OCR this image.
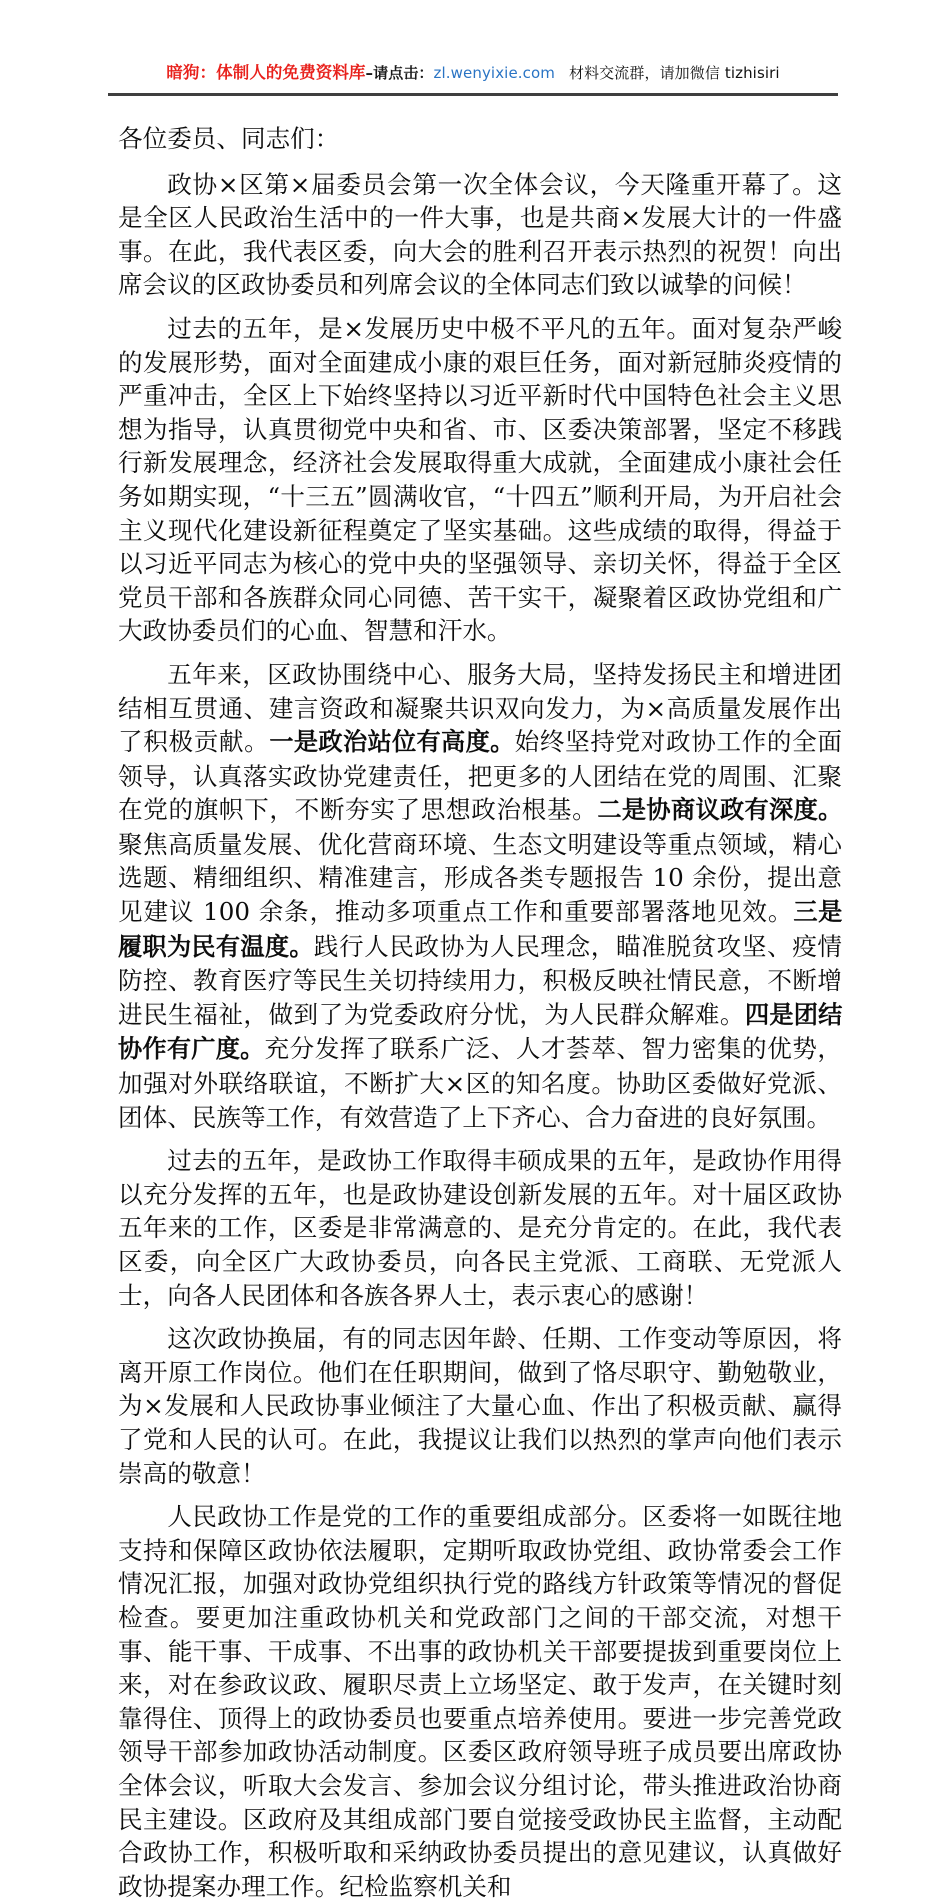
暗狗：体制人的免费资料库–请点击：zl.wenyixie.com 材料交流群，请加微信 tizhisiri

各位委员、同志们：

政协×区第×届委员会第一次全体会议，今天隆重开幕了。这是全区人民政治生活中的一件大事，也是共商×发展大计的一件盛事。在此，我代表区委，向大会的胜利召开表示热烈的祝贺！向出席会议的区政协委员和列席会议的全体同志们致以诚挚的问候！

过去的五年，是×发展历史中极不平凡的五年。面对复杂严峻的发展形势，面对全面建成小康的艰巨任务，面对新冠肺炎疫情的严重冲击，全区上下始终坚持以习近平新时代中国特色社会主义思想为指导，认真贯彻党中央和省、市、区委决策部署，坚定不移践行新发展理念，经济社会发展取得重大成就，全面建成小康社会任务如期实现，“十三五”圆满收官，“十四五”顺利开局，为开启社会主义现代化建设新征程奠定了坚实基础。这些成绩的取得，得益于以习近平同志为核心的党中央的坚强领导、亲切关怀，得益于全区党员干部和各族群众同心同德、苦干实干，凝聚着区政协党组和广大政协委员们的心血、智慧和汗水。

五年来，区政协围绕中心、服务大局，坚持发扬民主和增进团结相互贯通、建言资政和凝聚共识双向发力，为×高质量发展作出了积极贡献。一是政治站位有高度。始终坚持党对政协工作的全面领导，认真落实政协党建责任，把更多的人团结在党的周围、汇聚在党的旗帜下，不断夯实了思想政治根基。二是协商议政有深度。聚焦高质量发展、优化营商环境、生态文明建设等重点领域，精心选题、精细组织、精准建言，形成各类专题报告 10 余份，提出意见建议 100 余条，推动多项重点工作和重要部署落地见效。三是履职为民有温度。践行人民政协为人民理念，瞄准脱贫攻坚、疫情防控、教育医疗等民生关切持续用力，积极反映社情民意，不断增进民生福祉，做到了为党委政府分忧，为人民群众解难。四是团结协作有广度。充分发挥了联系广泛、人才荟萃、智力密集的优势，加强对外联络联谊，不断扩大×区的知名度。协助区委做好党派、团体、民族等工作，有效营造了上下齐心、合力奋进的良好氛围。

过去的五年，是政协工作取得丰硕成果的五年，是政协作用得以充分发挥的五年，也是政协建设创新发展的五年。对十届区政协五年来的工作，区委是非常满意的、是充分肯定的。在此，我代表区委，向全区广大政协委员，向各民主党派、工商联、无党派人士，向各人民团体和各族各界人士，表示衷心的感谢！

这次政协换届，有的同志因年龄、任期、工作变动等原因，将离开原工作岗位。他们在任职期间，做到了恪尽职守、勤勉敬业，为×发展和人民政协事业倾注了大量心血、作出了积极贡献、赢得了党和人民的认可。在此，我提议让我们以热烈的掌声向他们表示崇高的敬意！

人民政协工作是党的工作的重要组成部分。区委将一如既往地支持和保障区政协依法履职，定期听取政协党组、政协常委会工作情况汇报，加强对政协党组织执行党的路线方针政策等情况的督促检查。要更加注重政协机关和党政部门之间的干部交流，对想干事、能干事、干成事、不出事的政协机关干部要提拔到重要岗位上来，对在参政议政、履职尽责上立场坚定、敢于发声，在关键时刻靠得住、顶得上的政协委员也要重点培养使用。要进一步完善党政领导干部参加政协活动制度。区委区政府领导班子成员要出席政协全体会议，听取大会发言、参加会议分组讨论，带头推进政治协商民主建设。区政府及其组成部门要自觉接受政协民主监督，主动配合政协工作，积极听取和采纳政协委员提出的意见建议，认真做好政协提案办理工作。纪检监察机关和
